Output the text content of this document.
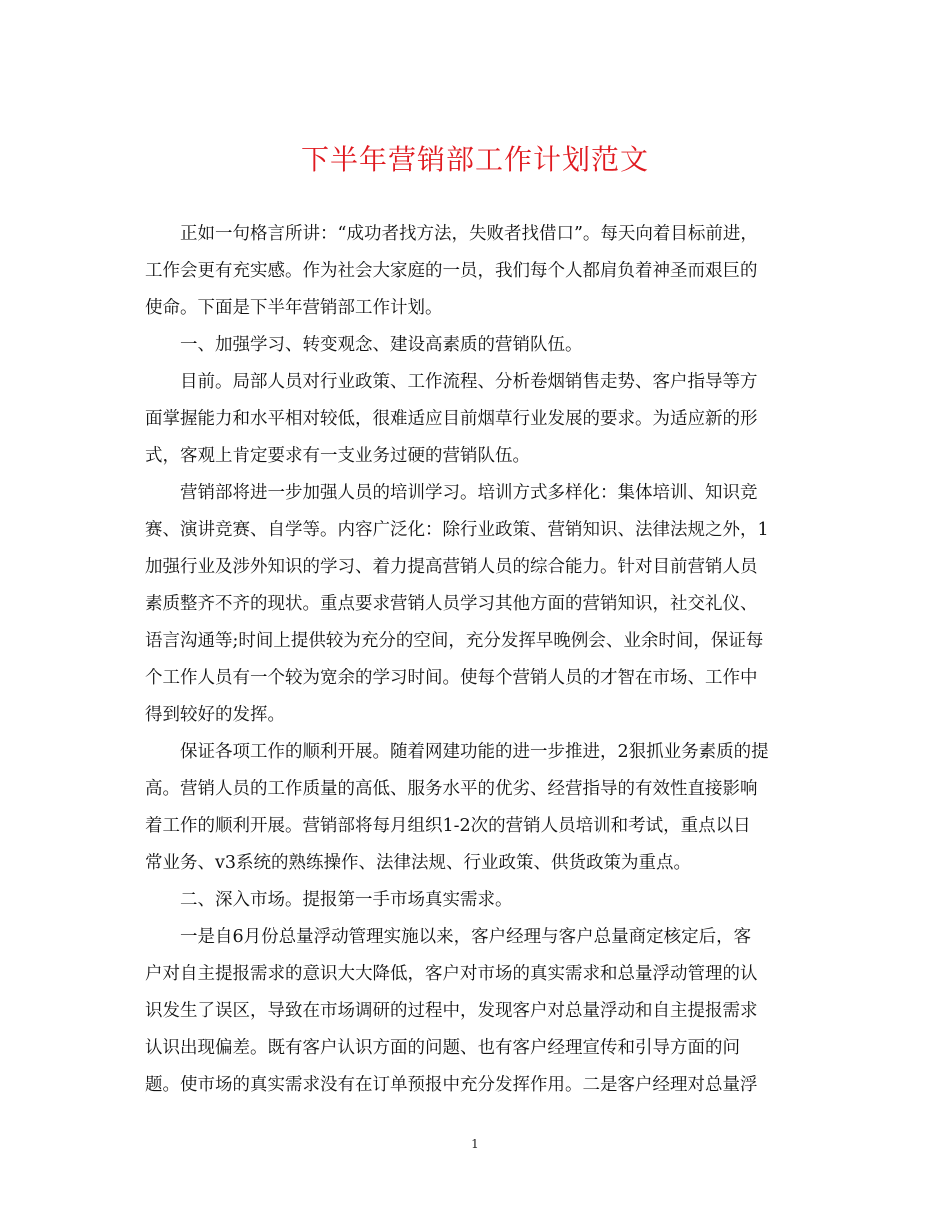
下半年营销部工作计划范文
正如一句格言所讲：“成功者找方法，失败者找借口”。每天向着目标前进，
工作会更有充实感。作为社会大家庭的一员，我们每个人都肩负着神圣而艰巨的
使命。下面是下半年营销部工作计划。
一、加强学习、转变观念、建设高素质的营销队伍。
目前。局部人员对行业政策、工作流程、分析卷烟销售走势、客户指导等方
面掌握能力和水平相对较低，很难适应目前烟草行业发展的要求。为适应新的形
式，客观上肯定要求有一支业务过硬的营销队伍。
营销部将进一步加强人员的培训学习。培训方式多样化：集体培训、知识竞
赛、演讲竞赛、自学等。内容广泛化：除行业政策、营销知识、法律法规之外，1
加强行业及涉外知识的学习、着力提高营销人员的综合能力。针对目前营销人员
素质整齐不齐的现状。重点要求营销人员学习其他方面的营销知识，社交礼仪、
语言沟通等;时间上提供较为充分的空间，充分发挥早晚例会、业余时间，保证每
个工作人员有一个较为宽余的学习时间。使每个营销人员的才智在市场、工作中
得到较好的发挥。
保证各项工作的顺利开展。随着网建功能的进一步推进，2狠抓业务素质的提
高。营销人员的工作质量的高低、服务水平的优劣、经营指导的有效性直接影响
着工作的顺利开展。营销部将每月组织1-2次的营销人员培训和考试，重点以日
常业务、v3系统的熟练操作、法律法规、行业政策、供货政策为重点。
二、深入市场。提报第一手市场真实需求。
一是自6月份总量浮动管理实施以来，客户经理与客户总量商定核定后，客
户对自主提报需求的意识大大降低，客户对市场的真实需求和总量浮动管理的认
识发生了误区，导致在市场调研的过程中，发现客户对总量浮动和自主提报需求
认识出现偏差。既有客户认识方面的问题、也有客户经理宣传和引导方面的问
题。使市场的真实需求没有在订单预报中充分发挥作用。二是客户经理对总量浮
1
